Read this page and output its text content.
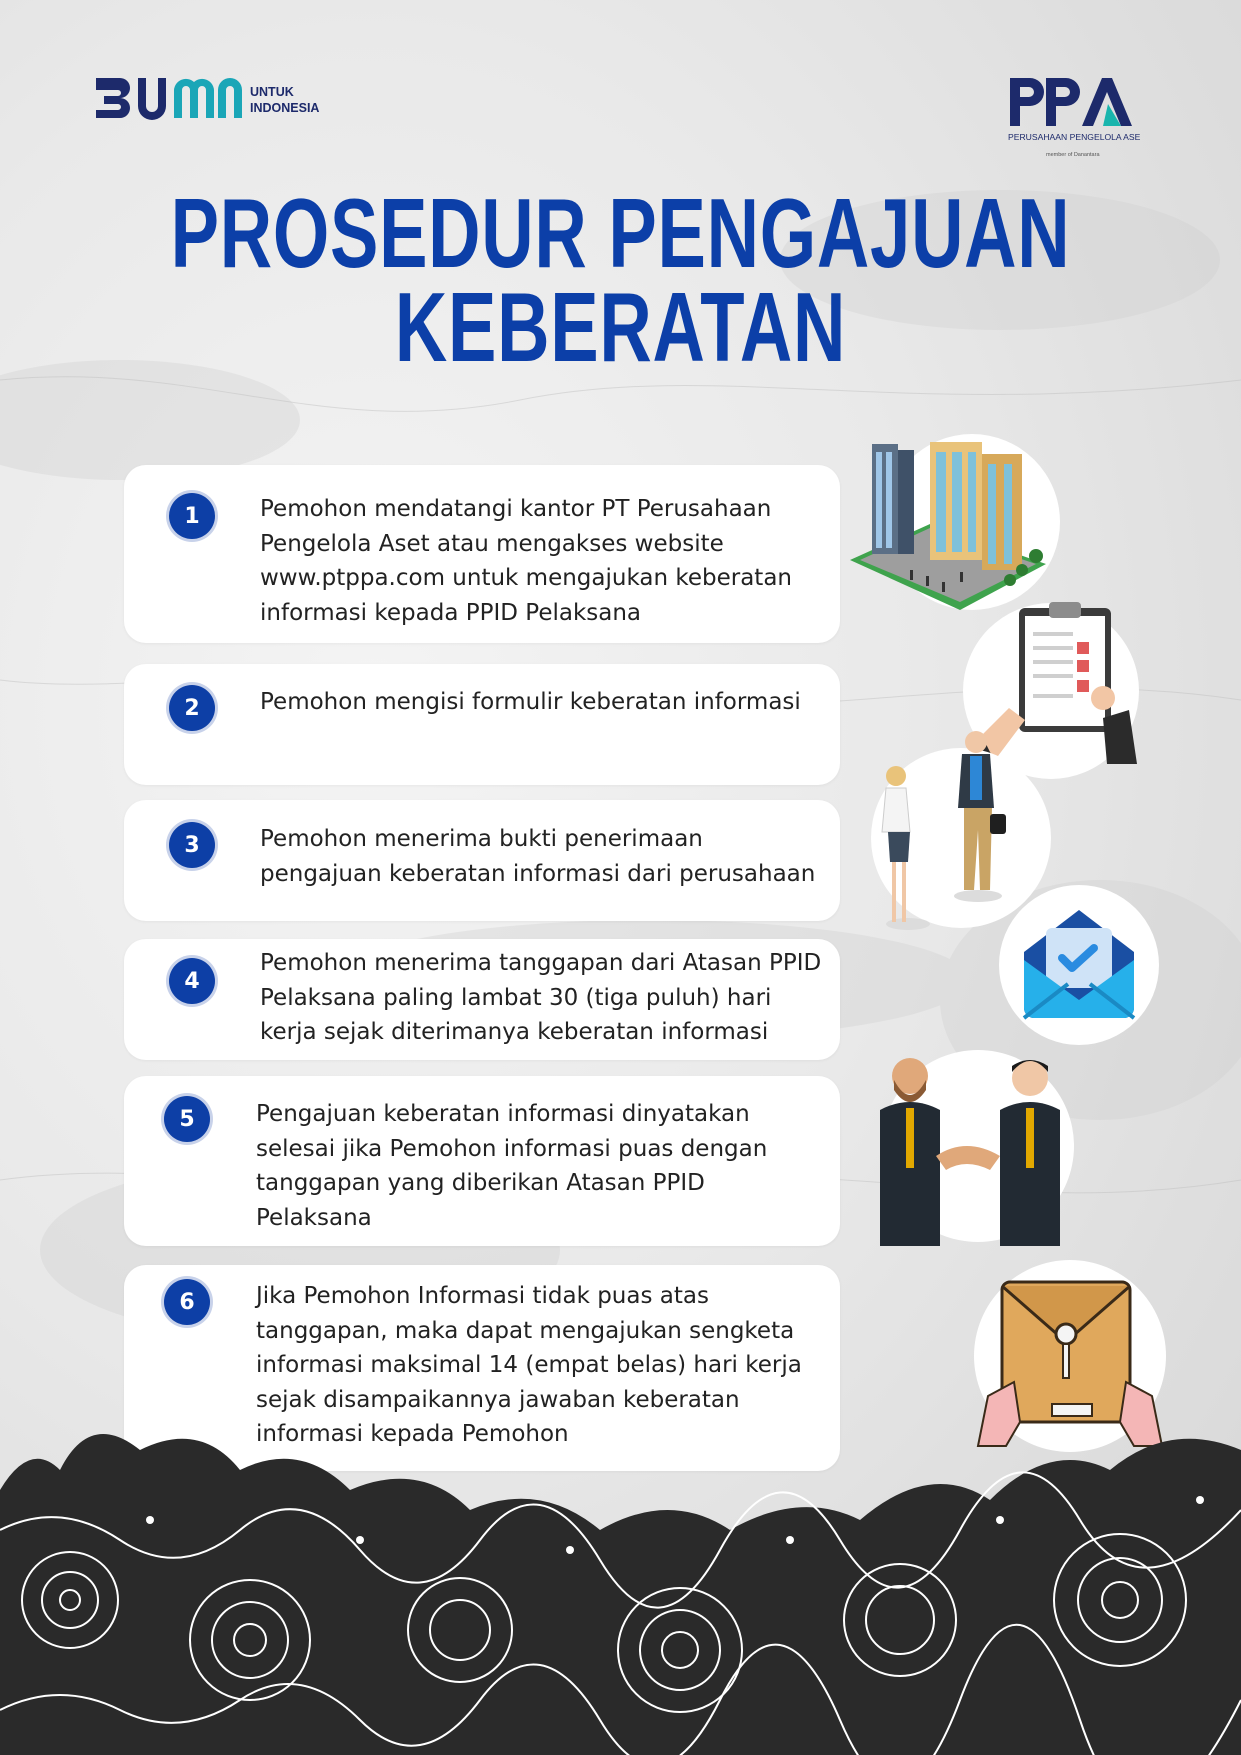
UNTUK
INDONESIA
PERUSAHAAN PENGELOLA ASET
member of Danantara
PROSEDUR PENGAJUAN
KEBERATAN
1	Pemohon mendatangi kantor PT Perusahaan
Pengelola Aset atau mengakses website
www.ptppa.com untuk mengajukan keberatan
informasi kepada PPID Pelaksana
2	Pemohon mengisi formulir keberatan informasi
3	Pemohon menerima bukti penerimaan
pengajuan keberatan informasi dari perusahaan
4
Pemohon menerima tanggapan dari Atasan PPID
Pelaksana paling lambat 30 (tiga puluh) hari
kerja sejak diterimanya keberatan informasi
5	Pengajuan keberatan informasi dinyatakan
selesai jika Pemohon informasi puas dengan
tanggapan yang diberikan Atasan PPID
Pelaksana
6	Jika Pemohon Informasi tidak puas atas
tanggapan, maka dapat mengajukan sengketa
informasi maksimal 14 (empat belas) hari kerja
sejak disampaikannya jawaban keberatan
informasi kepada Pemohon
